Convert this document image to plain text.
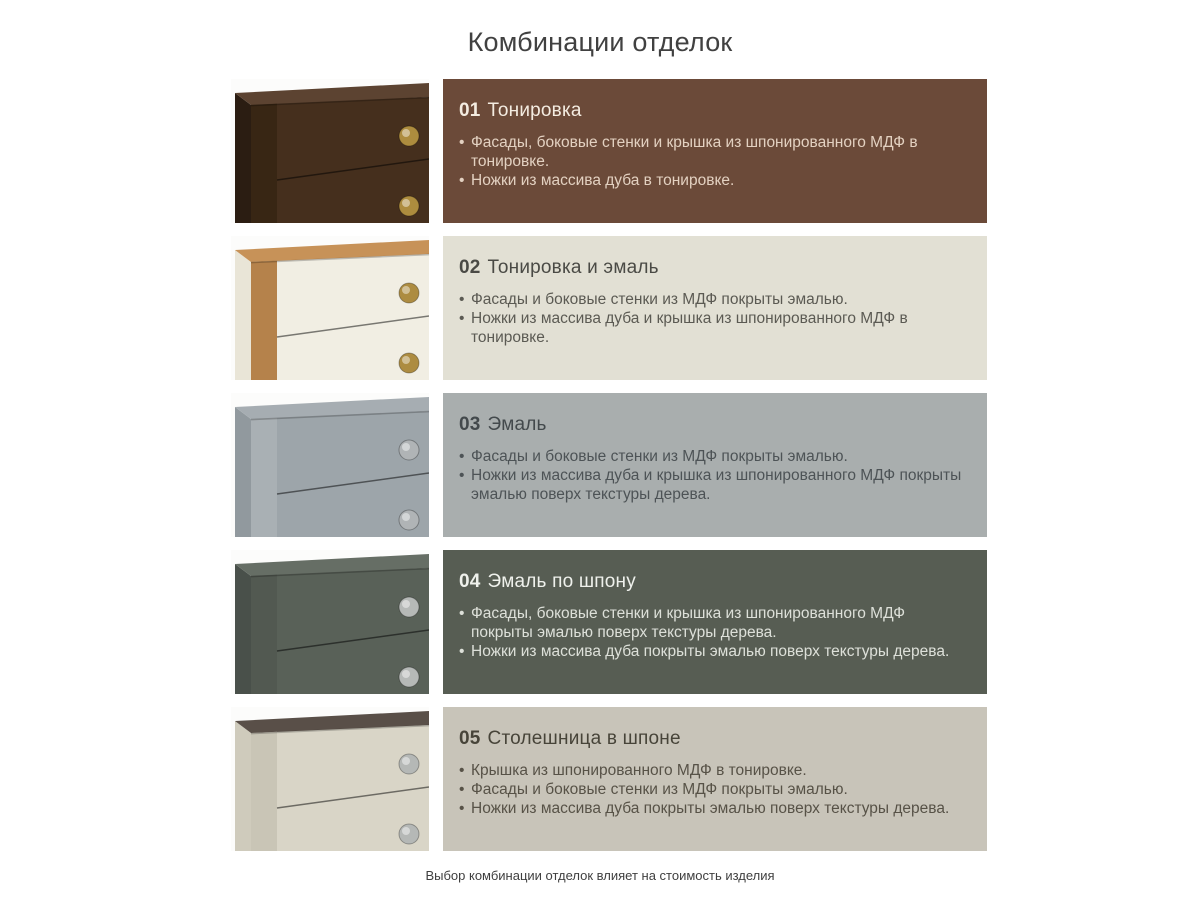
Комбинации отделок
01 Тонировка
• Фасады, боковые стенки и крышка из шпонированного МДФ в тонировке.
• Ножки из массива дуба в тонировке.
02 Тонировка и эмаль
• Фасады и боковые стенки из МДФ покрыты эмалью.
• Ножки из массива дуба и крышка из шпонированного МДФ в тонировке.
03 Эмаль
• Фасады и боковые стенки из МДФ покрыты эмалью.
• Ножки из массива дуба и крышка из шпонированного МДФ покрыты эмалью поверх текстуры дерева.
04 Эмаль по шпону
• Фасады, боковые стенки и крышка из шпонированного МДФ покрыты эмалью поверх текстуры дерева.
• Ножки из массива дуба покрыты эмалью поверх текстуры дерева.
05 Столешница в шпоне
• Крышка из шпонированного МДФ в тонировке.
• Фасады и боковые стенки из МДФ покрыты эмалью.
• Ножки из массива дуба покрыты эмалью поверх текстуры дерева.

Выбор комбинации отделок влияет на стоимость изделия
